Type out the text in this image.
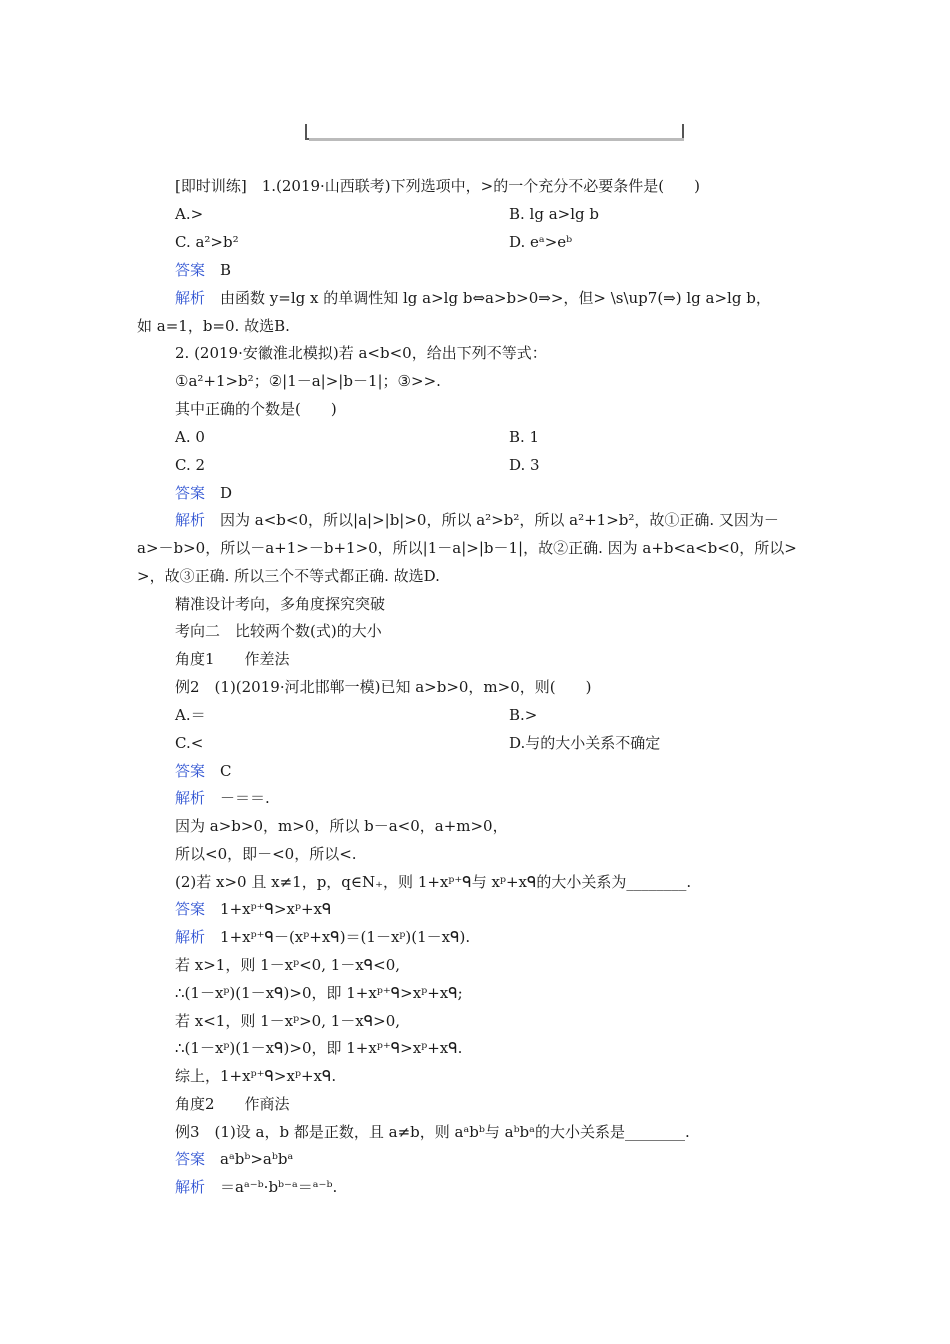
[即时训练]　1.(2019·山西联考)下列选项中，>的一个充分不必要条件是(　　)
A.>	B. lg a>lg b
C. a²>b²	D. eᵃ>eᵇ
答案　 B
解析　 由函数 y=lg x 的单调性知 lg a>lg b⇔a>b>0⇒>，但> \s\up7(⇒) lg a>lg b，
如 a=1，b=0. 故选B.
2. (2019·安徽淮北模拟)若 a<b<0，给出下列不等式：
①a²+1>b²；②|1－a|>|b－1|；③>>.
其中正确的个数是(　　)
A. 0	B. 1
C. 2	D. 3
答案　 D
解析　 因为 a<b<0，所以|a|>|b|>0，所以 a²>b²，所以 a²+1>b²，故①正确. 又因为－
a>－b>0，所以－a+1>－b+1>0，所以|1－a|>|b－1|，故②正确. 因为 a+b<a<b<0，所以>
>，故③正确. 所以三个不等式都正确. 故选D.
精准设计考向，多角度探究突破
考向二　比较两个数(式)的大小
角度1　　作差法
例2　(1)(2019·河北邯郸一模)已知 a>b>0，m>0，则(　　)
A.＝	B.>
C.<	D.与的大小关系不确定
答案　 C
解析　 －＝＝.
因为 a>b>0，m>0，所以 b－a<0，a+m>0，
所以<0，即－<0，所以<.
(2)若 x>0 且 x≠1，p，q∈N₊，则 1+xᵖ⁺ᑫ与 xᵖ+xᑫ的大小关系为________.
答案　 1+xᵖ⁺ᑫ>xᵖ+xᑫ
解析　 1+xᵖ⁺ᑫ－(xᵖ+xᑫ)＝(1－xᵖ)(1－xᑫ).
若 x>1，则 1－xᵖ<0, 1－xᑫ<0,
∴(1－xᵖ)(1－xᑫ)>0，即 1+xᵖ⁺ᑫ>xᵖ+xᑫ;
若 x<1，则 1－xᵖ>0, 1－xᑫ>0,
∴(1－xᵖ)(1－xᑫ)>0，即 1+xᵖ⁺ᑫ>xᵖ+xᑫ.
综上，1+xᵖ⁺ᑫ>xᵖ+xᑫ.
角度2　　作商法
例3　(1)设 a，b 都是正数，且 a≠b，则 aᵃbᵇ与 aᵇbᵃ的大小关系是________.
答案　 aᵃbᵇ>aᵇbᵃ
解析　 ＝aᵃ⁻ᵇ·bᵇ⁻ᵃ＝ᵃ⁻ᵇ.
